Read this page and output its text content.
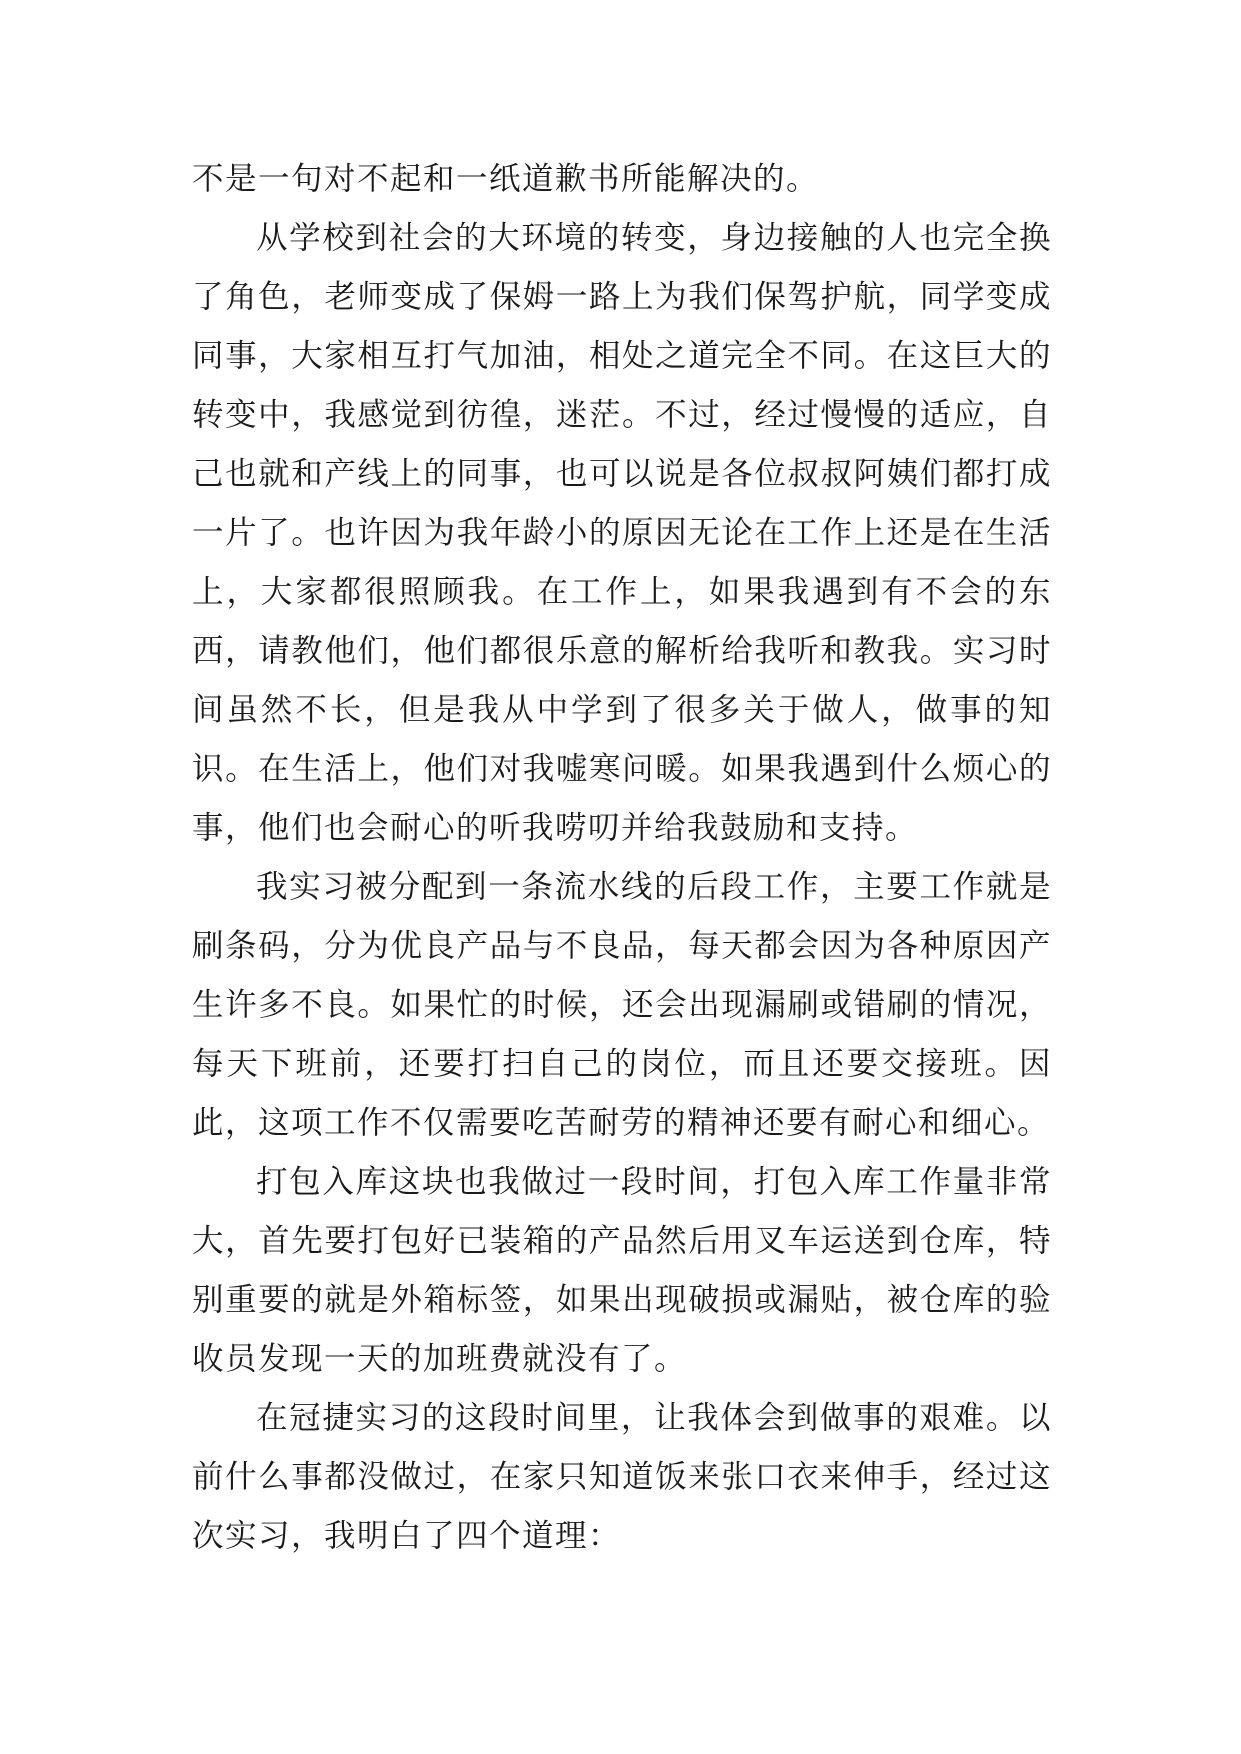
不是一句对不起和一纸道歉书所能解决的。

从学校到社会的大环境的转变，身边接触的人也完全换了角色，老师变成了保姆一路上为我们保驾护航，同学变成同事，大家相互打气加油，相处之道完全不同。在这巨大的转变中，我感觉到彷徨，迷茫。不过，经过慢慢的适应，自己也就和产线上的同事，也可以说是各位叔叔阿姨们都打成一片了。也许因为我年龄小的原因无论在工作上还是在生活上，大家都很照顾我。在工作上，如果我遇到有不会的东西，请教他们，他们都很乐意的解析给我听和教我。实习时间虽然不长，但是我从中学到了很多关于做人，做事的知识。在生活上，他们对我嘘寒问暖。如果我遇到什么烦心的事，他们也会耐心的听我唠叨并给我鼓励和支持。

我实习被分配到一条流水线的后段工作，主要工作就是刷条码，分为优良产品与不良品，每天都会因为各种原因产生许多不良。如果忙的时候，还会出现漏刷或错刷的情况，每天下班前，还要打扫自己的岗位，而且还要交接班。因此，这项工作不仅需要吃苦耐劳的精神还要有耐心和细心。

打包入库这块也我做过一段时间，打包入库工作量非常大，首先要打包好已装箱的产品然后用叉车运送到仓库，特别重要的就是外箱标签，如果出现破损或漏贴，被仓库的验收员发现一天的加班费就没有了。

在冠捷实习的这段时间里，让我体会到做事的艰难。以前什么事都没做过，在家只知道饭来张口衣来伸手，经过这次实习，我明白了四个道理：
